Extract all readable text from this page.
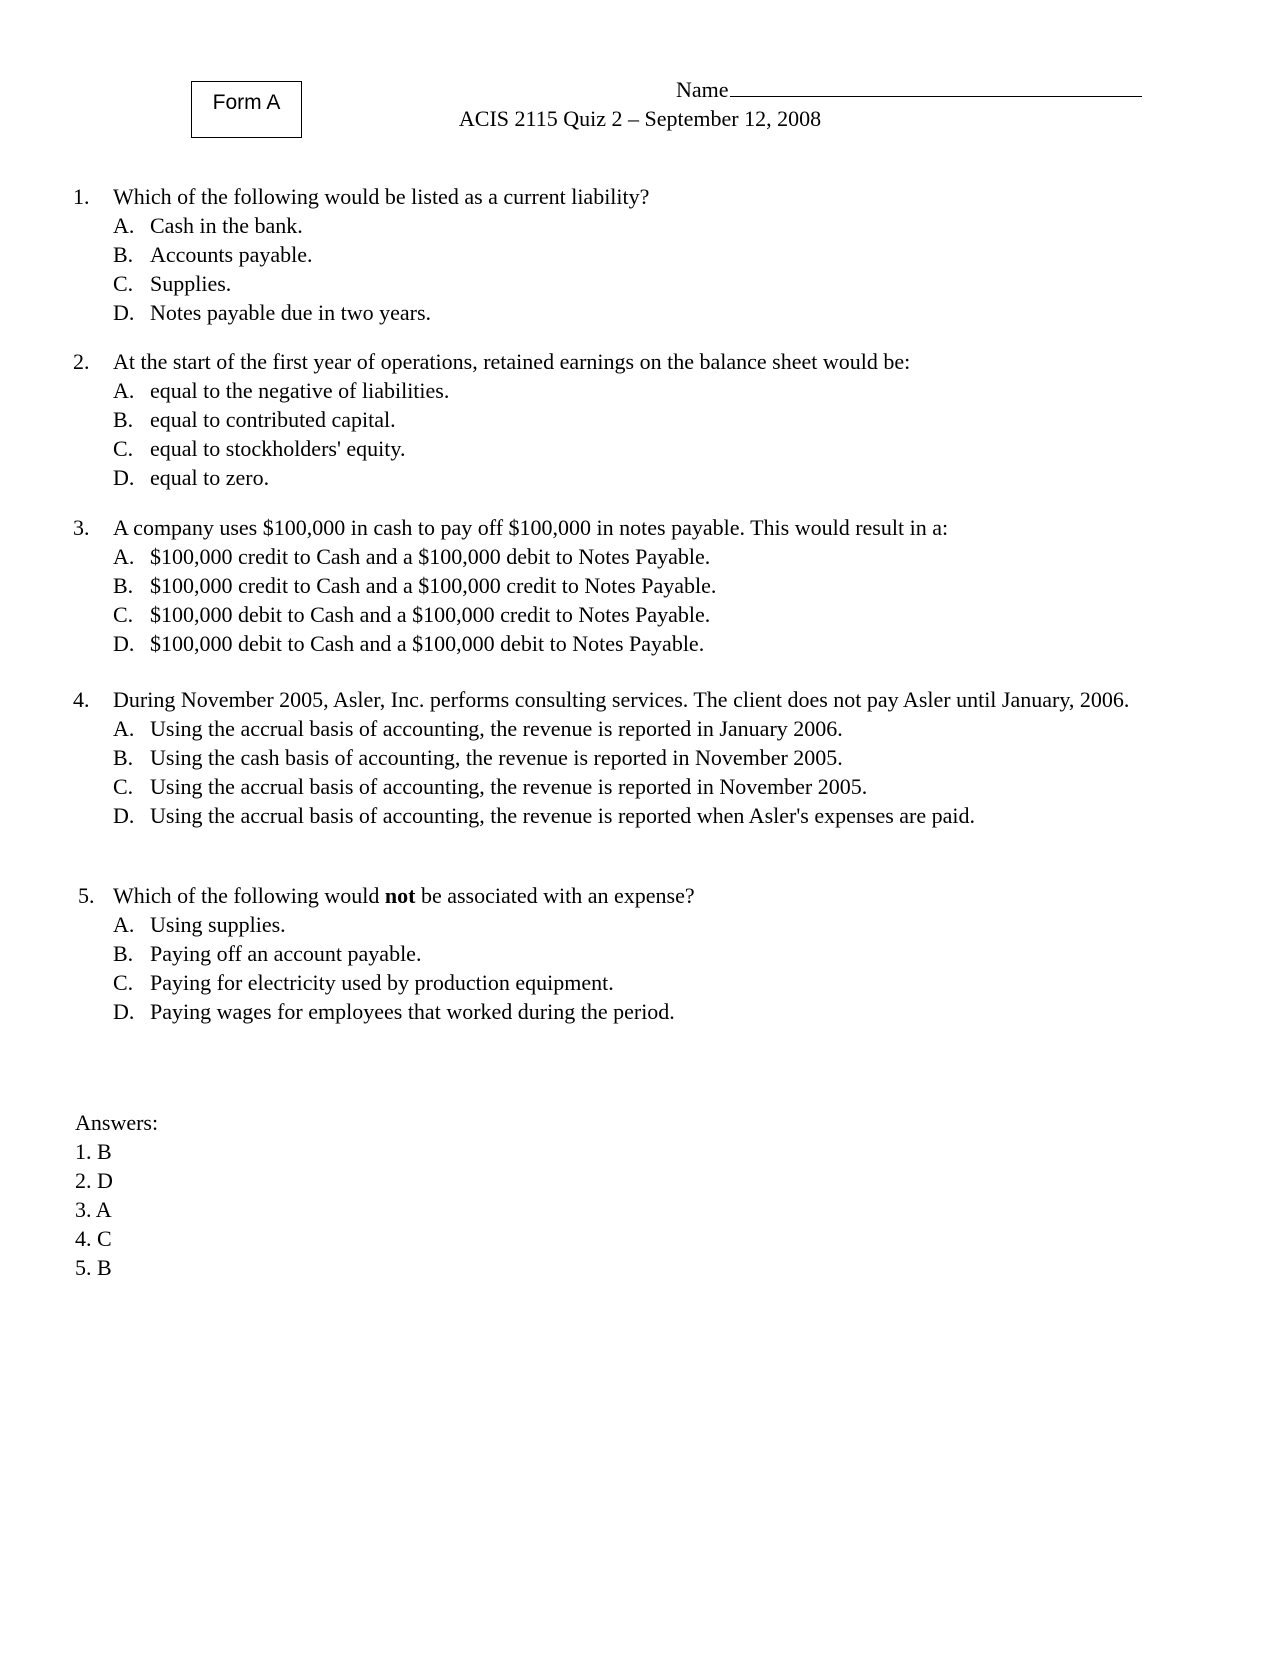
Form A
Name
ACIS 2115 Quiz 2 – September 12, 2008
1.	Which of the following would be listed as a current liability?
A. Cash in the bank.
B. Accounts payable.
C. Supplies.
D. Notes payable due in two years.
2.	At the start of the first year of operations, retained earnings on the balance sheet would be:
A. equal to the negative of liabilities.
B. equal to contributed capital.
C. equal to stockholders' equity.
D. equal to zero.
3.	A company uses $100,000 in cash to pay off $100,000 in notes payable. This would result in a:
A. $100,000 credit to Cash and a $100,000 debit to Notes Payable.
B. $100,000 credit to Cash and a $100,000 credit to Notes Payable.
C. $100,000 debit to Cash and a $100,000 credit to Notes Payable.
D. $100,000 debit to Cash and a $100,000 debit to Notes Payable.
4.	During November 2005, Asler, Inc. performs consulting services. The client does not pay Asler until January, 2006.
A. Using the accrual basis of accounting, the revenue is reported in January 2006.
B. Using the cash basis of accounting, the revenue is reported in November 2005.
C. Using the accrual basis of accounting, the revenue is reported in November 2005.
D. Using the accrual basis of accounting, the revenue is reported when Asler's expenses are paid.
5. Which of the following would not be associated with an expense?
A. Using supplies.
B. Paying off an account payable.
C. Paying for electricity used by production equipment.
D. Paying wages for employees that worked during the period.
Answers:
1. B
2. D
3. A
4. C
5. B
